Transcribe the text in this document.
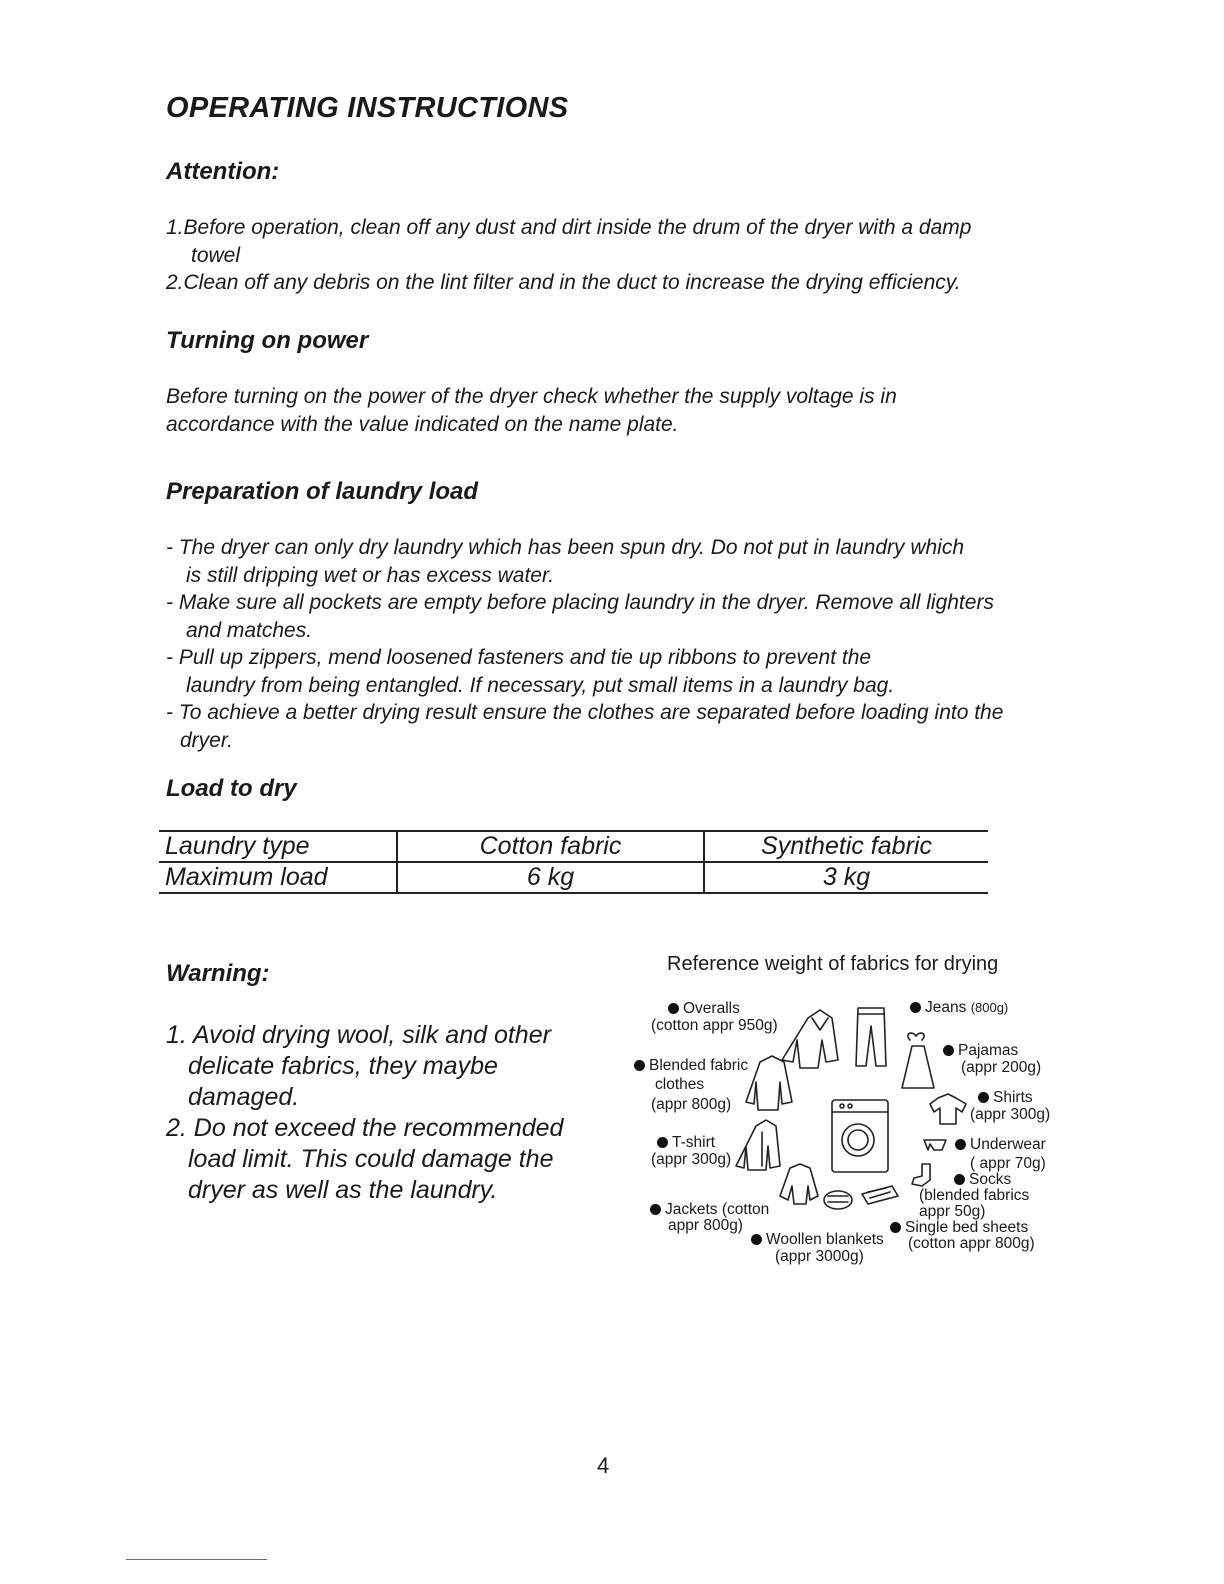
OPERATING INSTRUCTIONS
Attention:
1.Before operation, clean off any dust and dirt inside the drum of the dryer with a damp
towel
2.Clean off any debris on the lint filter and in the duct to increase the drying efficiency.
Turning on power
Before turning on the power of the dryer check whether the supply voltage is in
accordance with the value indicated on the name plate.
Preparation of laundry load
- The dryer can only dry laundry which has been spun dry. Do not put in laundry which
is still dripping wet or has excess water.
- Make sure all pockets are empty before placing laundry in the dryer. Remove all lighters
and matches.
- Pull up zippers, mend loosened fasteners and tie up ribbons to prevent the
laundry from being entangled. If necessary, put small items in a laundry bag.
- To achieve a better drying result ensure the clothes are separated before loading into the
dryer.
Load to dry
Laundry type	Cotton fabric	Synthetic fabric
Maximum load	6 kg	3 kg
Warning:
1. Avoid drying wool, silk and other
delicate fabrics, they maybe
damaged.
2. Do not exceed the recommended
load limit. This could damage the
dryer as well as the laundry.
Reference weight of fabrics for drying
Overalls
(cotton appr 950g)
Jeans (800g)
Blended fabric
clothes
(appr 800g)
Pajamas
(appr 200g)
Shirts
(appr 300g)
T-shirt
(appr 300g)
Underwear
( appr 70g)
Socks
(blended fabrics
appr 50g)
Jackets (cotton
appr 800g)	Single bed sheets
(cotton appr 800g)
Woollen blankets
(appr 3000g)
4
